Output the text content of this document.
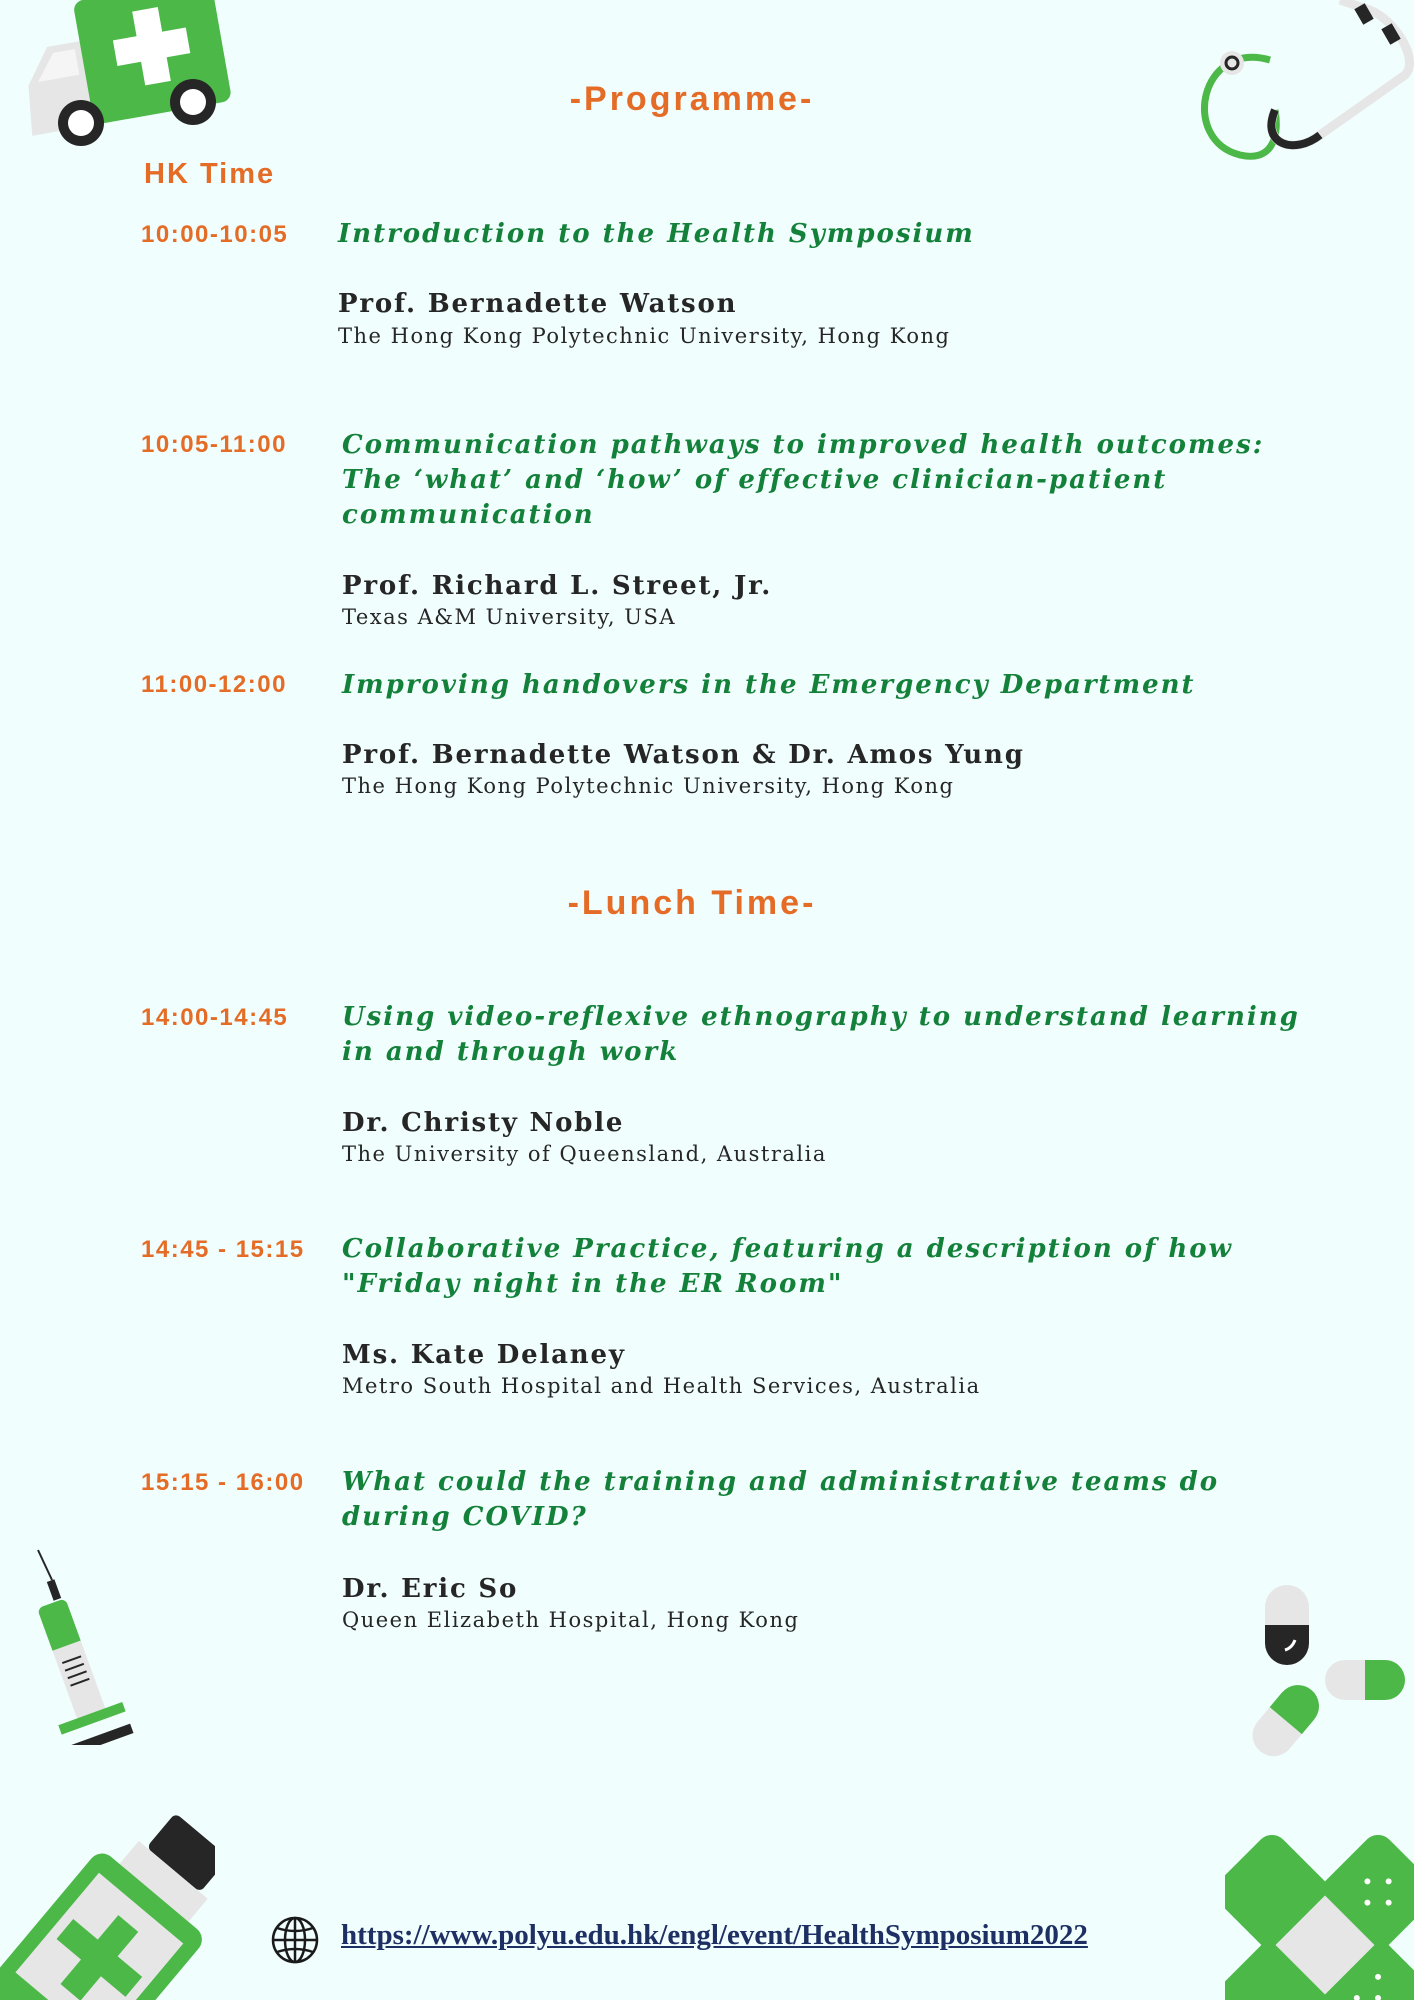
-Programme-
HK Time
10:00-10:05 Introduction to the Health Symposium
Prof. Bernadette Watson
The Hong Kong Polytechnic University, Hong Kong
10:05-11:00 Communication pathways to improved health outcomes: The ‘what’ and ‘how’ of effective clinician-patient communication
Prof. Richard L. Street, Jr.
Texas A&M University, USA
11:00-12:00 Improving handovers in the Emergency Department
Prof. Bernadette Watson & Dr. Amos Yung
The Hong Kong Polytechnic University, Hong Kong
-Lunch Time-
14:00-14:45 Using video-reflexive ethnography to understand learning in and through work
Dr. Christy Noble
The University of Queensland, Australia
14:45 - 15:15 Collaborative Practice, featuring a description of how "Friday night in the ER Room"
Ms. Kate Delaney
Metro South Hospital and Health Services, Australia
15:15 - 16:00 What could the training and administrative teams do during COVID?
Dr. Eric So
Queen Elizabeth Hospital, Hong Kong
https://www.polyu.edu.hk/engl/event/HealthSymposium2022
